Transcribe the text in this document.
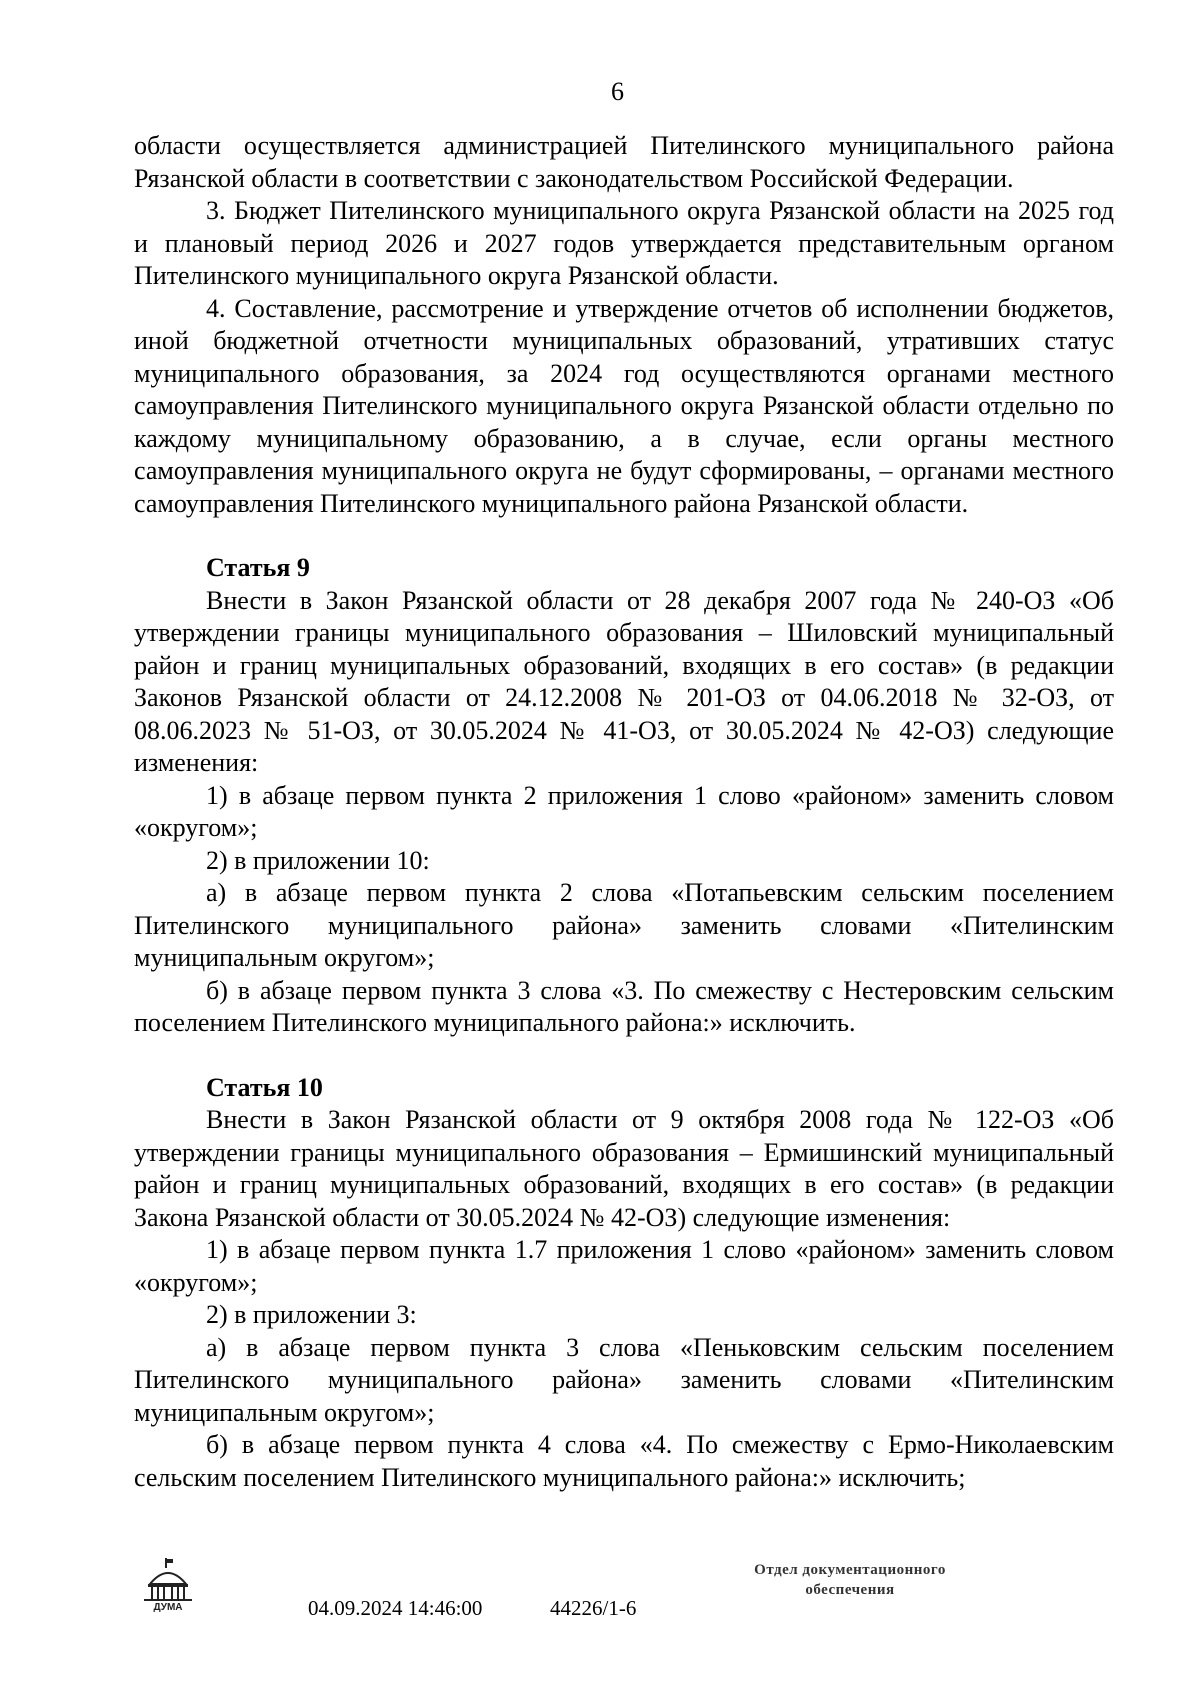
6

области осуществляется администрацией Пителинского муниципального района Рязанской области в соответствии с законодательством Российской Федерации.

3. Бюджет Пителинского муниципального округа Рязанской области на 2025 год и плановый период 2026 и 2027 годов утверждается представительным органом Пителинского муниципального округа Рязанской области.

4. Составление, рассмотрение и утверждение отчетов об исполнении бюджетов, иной бюджетной отчетности муниципальных образований, утративших статус муниципального образования, за 2024 год осуществляются органами местного самоуправления Пителинского муниципального округа Рязанской области отдельно по каждому муниципальному образованию, а в случае, если органы местного самоуправления муниципального округа не будут сформированы, – органами местного самоуправления Пителинского муниципального района Рязанской области.

Статья 9

Внести в Закон Рязанской области от 28 декабря 2007 года № 240-ОЗ «Об утверждении границы муниципального образования – Шиловский муниципальный район и границ муниципальных образований, входящих в его состав» (в редакции Законов Рязанской области от 24.12.2008 № 201-ОЗ от 04.06.2018 № 32-ОЗ, от 08.06.2023 № 51-ОЗ, от 30.05.2024 № 41-ОЗ, от 30.05.2024 № 42-ОЗ) следующие изменения:

1) в абзаце первом пункта 2 приложения 1 слово «районом» заменить словом «округом»;

2) в приложении 10:

а) в абзаце первом пункта 2 слова «Потапьевским сельским поселением Пителинского муниципального района» заменить словами «Пителинским муниципальным округом»;

б) в абзаце первом пункта 3 слова «3. По смежеству с Нестеровским сельским поселением Пителинского муниципального района:» исключить.

Статья 10

Внести в Закон Рязанской области от 9 октября 2008 года № 122-ОЗ «Об утверждении границы муниципального образования – Ермишинский муниципальный район и границ муниципальных образований, входящих в его состав» (в редакции Закона Рязанской области от 30.05.2024 № 42-ОЗ) следующие изменения:

1) в абзаце первом пункта 1.7 приложения 1 слово «районом» заменить словом «округом»;

2) в приложении 3:

а) в абзаце первом пункта 3 слова «Пеньковским сельским поселением Пителинского муниципального района» заменить словами «Пителинским муниципальным округом»;

б) в абзаце первом пункта 4 слова «4. По смежеству с Ермо-Николаевским сельским поселением Пителинского муниципального района:» исключить;

ДУМА	04.09.2024 14:46:00	44226/1-6
Отдел документационного обеспечения
